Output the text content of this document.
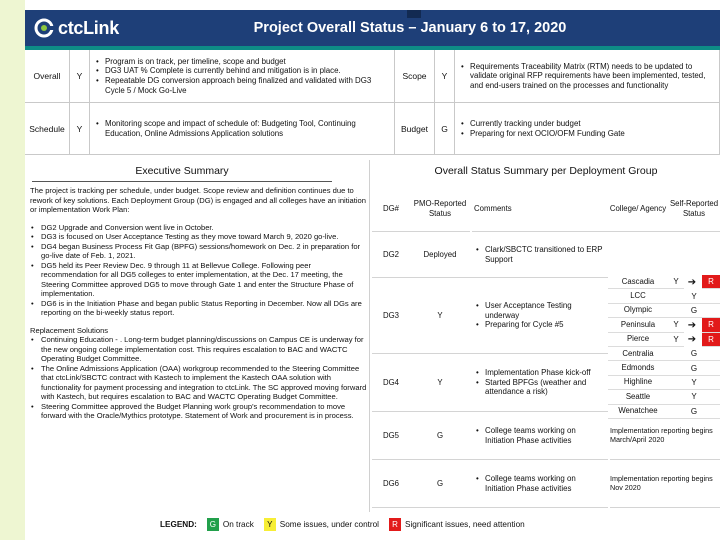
ctcLink	Project Overall Status – January 6 to 17, 2020
Overall	Y
• Program is on track, per timeline, scope and budget
• DG3 UAT % Complete is currently behind and mitigation is in place.
• Repeatable DG conversion approach being finalized and validated with DG3 Cycle 5 / Mock Go-Live
Schedule	Y
• Monitoring scope and impact of schedule of: Budgeting Tool, Continuing Education, Online Admissions Application solutions
Scope	Y
• Requirements Traceability Matrix (RTM) needs to be updated to validate original RFP requirements have been implemented, tested, and end-users trained on the processes and functionality
Budget	G
• Currently tracking under budget
• Preparing for next OCIO/OFM Funding Gate
Executive Summary

The project is tracking per schedule, under budget. Scope review and definition continues due to rework of key solutions. Each Deployment Group (DG) is engaged and all colleges have an initiation or implementation Work Plan:

• DG2 Upgrade and Conversion went live in October.
• DG3 is focused on User Acceptance Testing as they move toward March 9, 2020 go-live.
• DG4 began Business Process Fit Gap (BPFG) sessions/homework on Dec. 2 in preparation for go-live date of Feb. 1, 2021.
• DG5 held its Peer Review Dec. 9 through 11 at Bellevue College. Following peer recommendation for all DG5 colleges to enter implementation, at the Dec. 17 meeting, the Steering Committee approved DG5 to move through Gate 1 and enter the Structure Phase of implementation.
• DG6 is in the Initiation Phase and began public Status Reporting in December. Now all DGs are reporting on the bi-weekly status report.
Replacement Solutions
• Continuing Education - . Long-term budget planning/discussions on Campus CE is underway for the new ongoing college implementation cost. This requires escalation to BAC and WACTC Operating Budget Committee.
• The Online Admissions Application (OAA) workgroup recommended to the Steering Committee that ctcLink/SBCTC contract with Kastech to implement the Kastech OAA solution with functionality for payment processing and integration to ctcLink. The SC approved moving forward with Kastech, but requires escalation to BAC and WACTC Operating Budget Committee.
• Steering Committee approved the Budget Planning work group's recommendation to move forward with the Oracle/Mythics prototype. Statement of Work and procurement is in process.
Overall Status Summary per Deployment Group
DG#
PMO-Reported Status
Comments	College/ Agency
Self-Reported Status
DG2	Deployed
• Clark/SBCTC transitioned to ERP Support
DG3	Y
• User Acceptance Testing underway
• Preparing for Cycle #5
DG4	Y
• Implementation Phase kick-off
• Started BPFGs (weather and attendance a risk)
DG5	G
• College teams working on Initiation Phase activities
Implementation reporting begins March/April 2020
DG6	G
• College teams working on Initiation Phase activities
Implementation reporting begins Nov 2020
Cascadia	Y ➔	R
LCC	Y
Olympic	G
Peninsula	Y ➔	R
Pierce	Y ➔	R
Centralia	G
Edmonds	G
Highline	Y
Seattle	Y
Wenatchee	G
LEGEND:	G On track	Y Some issues, under control	R Significant issues, need attention
